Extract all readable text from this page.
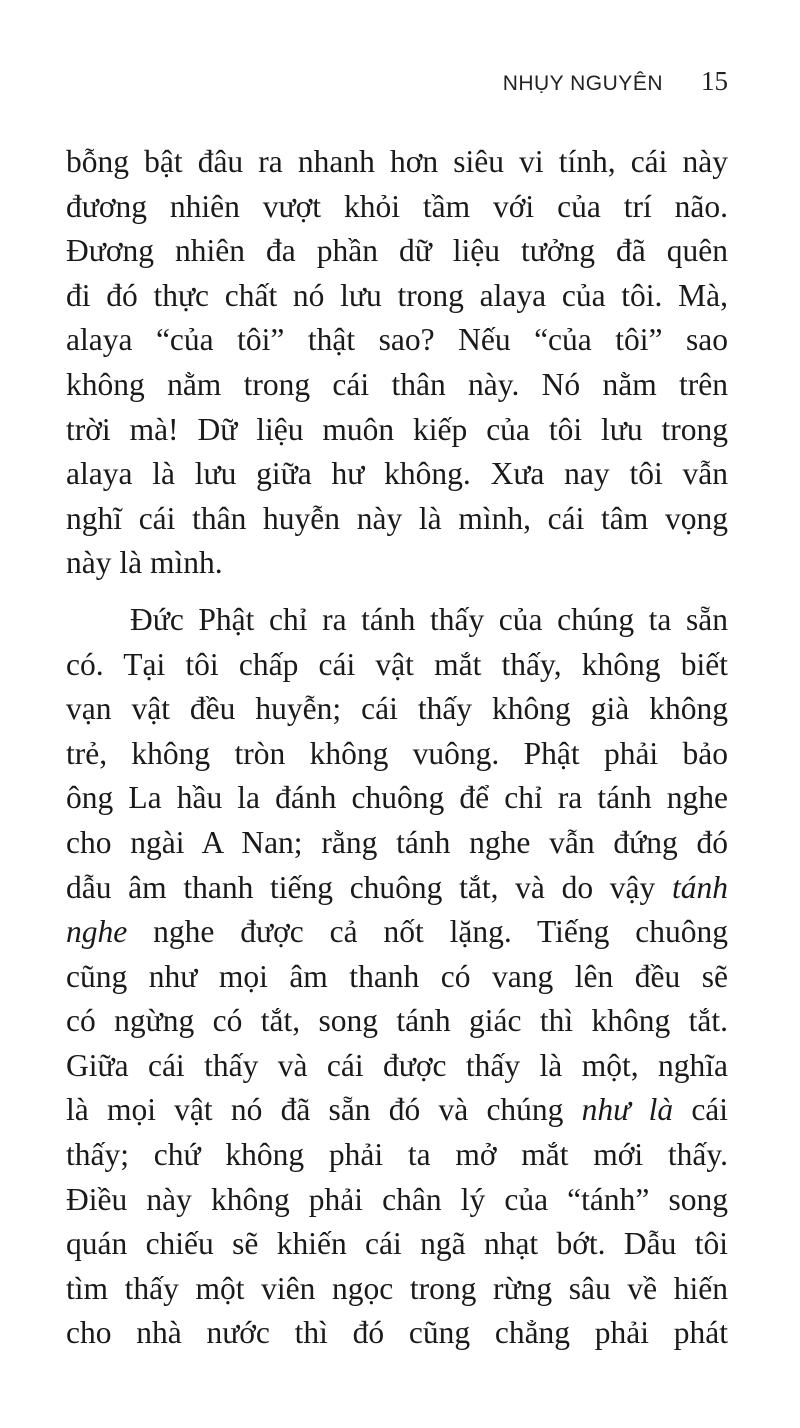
NHỤY NGUYÊN 15

bỗng bật đâu ra nhanh hơn siêu vi tính, cái này
đương nhiên vượt khỏi tầm với của trí não.
Đương nhiên đa phần dữ liệu tưởng đã quên
đi đó thực chất nó lưu trong alaya của tôi. Mà,
alaya “của tôi” thật sao? Nếu “của tôi” sao
không nằm trong cái thân này. Nó nằm trên
trời mà! Dữ liệu muôn kiếp của tôi lưu trong
alaya là lưu giữa hư không. Xưa nay tôi vẫn
nghĩ cái thân huyễn này là mình, cái tâm vọng
này là mình.

Đức Phật chỉ ra tánh thấy của chúng ta sẵn
có. Tại tôi chấp cái vật mắt thấy, không biết
vạn vật đều huyễn; cái thấy không già không
trẻ, không tròn không vuông. Phật phải bảo
ông La hầu la đánh chuông để chỉ ra tánh nghe
cho ngài A Nan; rằng tánh nghe vẫn đứng đó
dẫu âm thanh tiếng chuông tắt, và do vậy tánh
nghe nghe được cả nốt lặng. Tiếng chuông
cũng như mọi âm thanh có vang lên đều sẽ
có ngừng có tắt, song tánh giác thì không tắt.
Giữa cái thấy và cái được thấy là một, nghĩa
là mọi vật nó đã sẵn đó và chúng như là cái
thấy; chứ không phải ta mở mắt mới thấy.
Điều này không phải chân lý của “tánh” song
quán chiếu sẽ khiến cái ngã nhạt bớt. Dẫu tôi
tìm thấy một viên ngọc trong rừng sâu về hiến
cho nhà nước thì đó cũng chẳng phải phát
